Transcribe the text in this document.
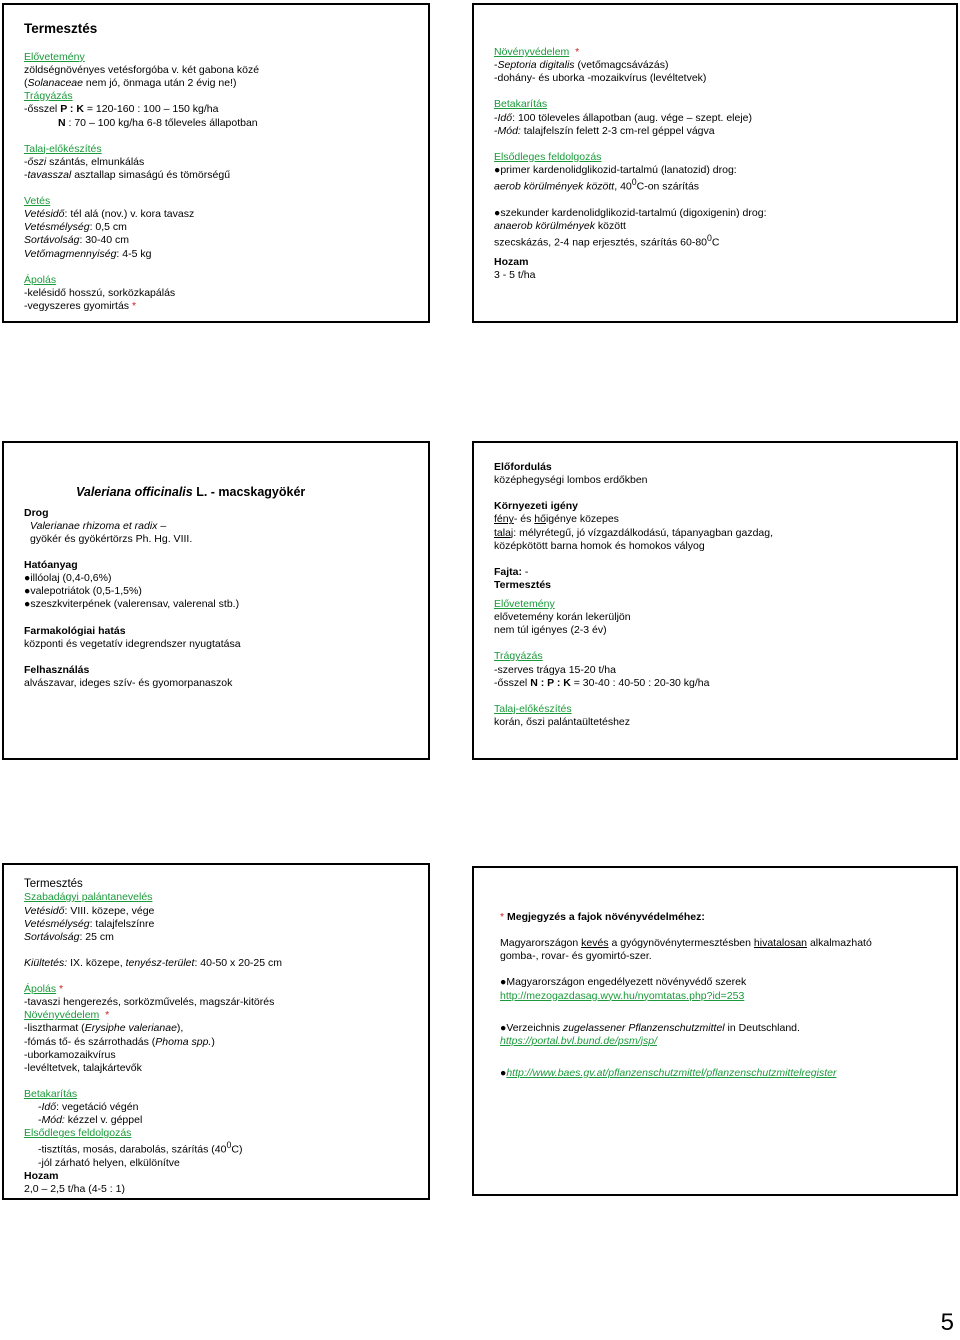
Termesztés
Elővetemény
zöldségnövényes vetésforgóba v. két gabona közé
(Solanaceae nem jó, önmaga után 2 évig ne!)
Trágyázás
-ősszel P : K = 120-160 : 100 – 150 kg/ha
N : 70 – 100 kg/ha 6-8 tőleveles állapotban
Talaj-előkészítés
-őszi szántás, elmunkálás
-tavasszal asztallap simaságú és tömörségű
Vetés
Vetésidő: tél alá (nov.) v. kora tavasz
Vetésmélység: 0,5 cm
Sortávolság: 30-40 cm
Vetőmagmennyiség: 4-5 kg
Ápolás
-kelésidő hosszú, sorközkapálás
-vegyszeres gyomirtás *
Növényvédelem *
-Septoria digitalis (vetőmagcsávázás)
-dohány- és uborka -mozaikvírus (levéltetvek)
Betakarítás
-Idő: 100 töleveles állapotban (aug. vége – szept. eleje)
-Mód: talajfelszín felett 2-3 cm-rel géppel vágva
Elsődleges feldolgozás
●primer kardenolidglikozid-tartalmú (lanatozid) drog:
aerob körülmények között, $40^0C-on$ szárítás
●szekunder kardenolidglikozid-tartalmú (digoxigenin) drog:
anaerob körülmények között
szecskázás, 2-4 nap erjesztés, szárítás $60-80^0C$
Hozam
3 - 5 t/ha
Valeriana officinalis L. - macskagyökér
Drog
Valerianae rhizoma et radix –
gyökér és gyökértörzs Ph. Hg. VIII.
Hatóanyag
●illóolaj (0,4-0,6%)
●valepotriátok (0,5-1,5%)
●szeszkviterpének (valerensav, valerenal stb.)
Farmakológiai hatás
központi és vegetatív idegrendszer nyugtatása
Felhasználás
alvászavar, ideges szív- és gyomorpanaszok
Előfordulás
középhegységi lombos erdőkben
Környezeti igény
fény- és hőigénye közepes
talaj: mélyrétegű, jó vízgazdálkodású, tápanyagban gazdag,
középkötött barna homok és homokos vályog
Fajta: -
Termesztés
Elővetemény
elővetemény korán lekerüljön
nem túl igényes (2-3 év)
Trágyázás
-szerves trágya 15-20 t/ha
-ősszel N : P : K = 30-40 : 40-50 : 20-30 kg/ha
Talaj-előkészítés
korán, őszi palántaültetéshez
Termesztés
Szabadágyi palántanevelés
Vetésidő: VIII. közepe, vége
Vetésmélység: talajfelszínre
Sortávolság: 25 cm
Kiültetés: IX. közepe, tenyész-terület: 40-50 x 20-25 cm
Ápolás *
-tavaszi hengerezés, sorközművelés, magszár-kitörés
Növényvédelem *
-lisztharmat (Erysiphe valerianae),
-fómás tő- és szárrothadás (Phoma spp.)
-uborkamozaikvírus
-levéltetvek, talajkártevők
Betakarítás
-Idő: vegetáció végén
-Mód: kézzel v. géppel
Elsődleges feldolgozás
-tisztítás, mosás, darabolás, szárítás $(40^0C)$
-jól zárható helyen, elkülönítve
Hozam
2,0 – 2,5 t/ha (4-5 : 1)
* Megjegyzés a fajok növényvédelméhez:
Magyarországon kevés a gyógynövénytermesztésben hivatalosan alkalmazható
gomba-, rovar- és gyomirtó-szer.
●Magyarországon engedélyezett növényvédő szerek
http://mezogazdasag.wyw.hu/nyomtatas.php?id=253
●Verzeichnis zugelassener Pflanzenschutzmittel in Deutschland.
https://portal.bvl.bund.de/psm/jsp/
●http://www.baes.gv.at/pflanzenschutzmittel/pflanzenschutzmittelregister
5
